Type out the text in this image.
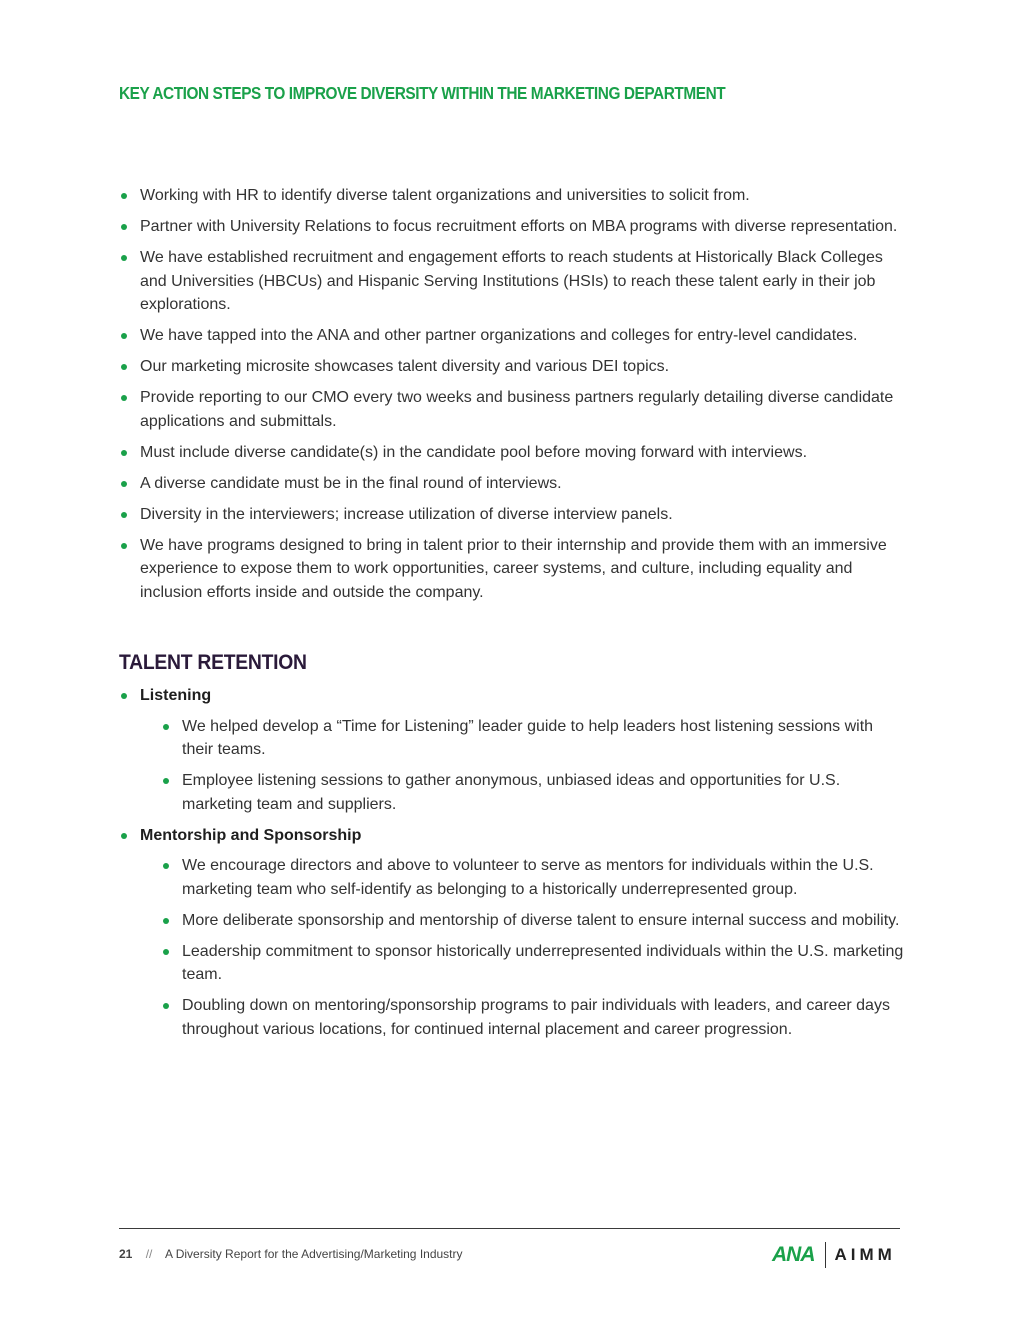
KEY ACTION STEPS TO IMPROVE DIVERSITY WITHIN THE MARKETING DEPARTMENT
Working with HR to identify diverse talent organizations and universities to solicit from.
Partner with University Relations to focus recruitment efforts on MBA programs with diverse representation.
We have established recruitment and engagement efforts to reach students at Historically Black Colleges and Universities (HBCUs) and Hispanic Serving Institutions (HSIs) to reach these talent early in their job explorations.
We have tapped into the ANA and other partner organizations and colleges for entry-level candidates.
Our marketing microsite showcases talent diversity and various DEI topics.
Provide reporting to our CMO every two weeks and business partners regularly detailing diverse candidate applications and submittals.
Must include diverse candidate(s) in the candidate pool before moving forward with interviews.
A diverse candidate must be in the final round of interviews.
Diversity in the interviewers; increase utilization of diverse interview panels.
We have programs designed to bring in talent prior to their internship and provide them with an immersive experience to expose them to work opportunities, career systems, and culture, including equality and inclusion efforts inside and outside the company.
TALENT RETENTION
Listening
We helped develop a “Time for Listening” leader guide to help leaders host listening sessions with their teams.
Employee listening sessions to gather anonymous, unbiased ideas and opportunities for U.S. marketing team and suppliers.
Mentorship and Sponsorship
We encourage directors and above to volunteer to serve as mentors for individuals within the U.S. marketing team who self-identify as belonging to a historically underrepresented group.
More deliberate sponsorship and mentorship of diverse talent to ensure internal success and mobility.
Leadership commitment to sponsor historically underrepresented individuals within the U.S. marketing team.
Doubling down on mentoring/sponsorship programs to pair individuals with leaders, and career days throughout various locations, for continued internal placement and career progression.
21 // A Diversity Report for the Advertising/Marketing Industry	ANA AIMM
